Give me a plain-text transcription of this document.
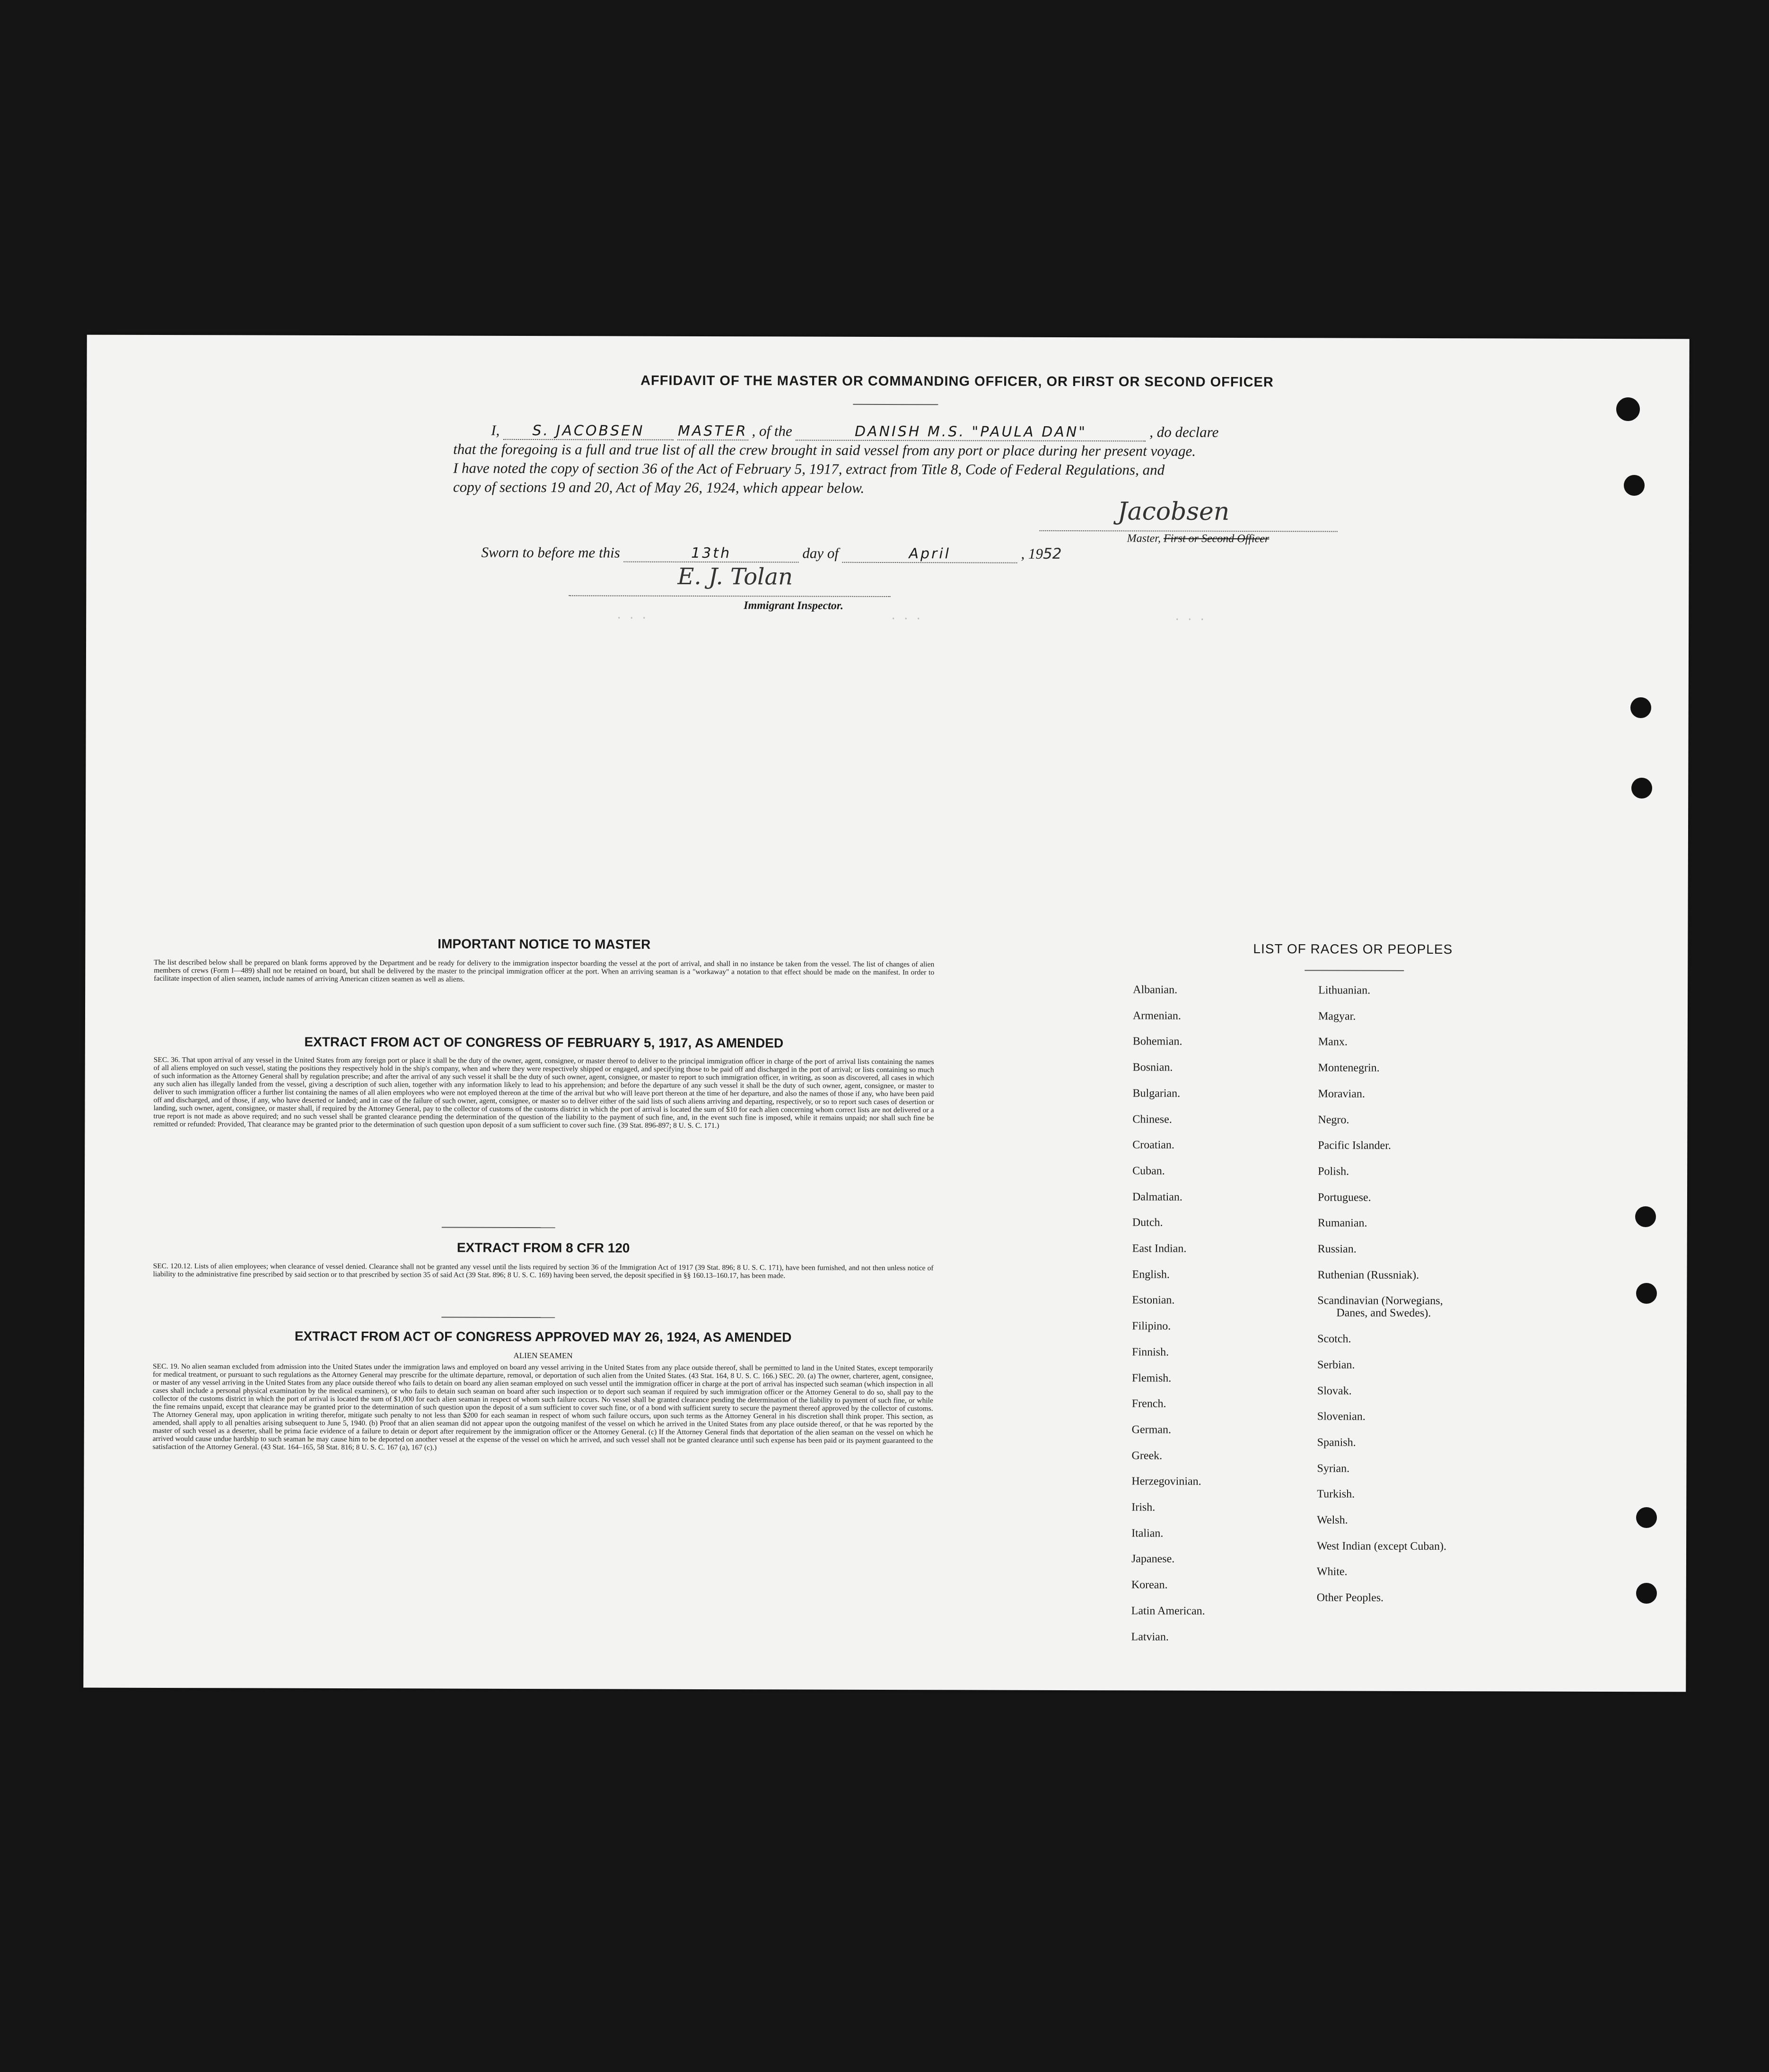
AFFIDAVIT OF THE MASTER OR COMMANDING OFFICER, OR FIRST OR SECOND OFFICER
I, S. JACOBSEN MASTER , of the	DANISH M.S. "PAULA DAN"	, do declare
that the foregoing is a full and true list of all the crew brought in said vessel from any port or place during her present voyage.
I have noted the copy of section 36 of the Act of February 5, 1917, extract from Title 8, Code of Federal Regulations, and
copy of sections 19 and 20, Act of May 26, 1924, which appear below.
Jacobsen
Master, First or Second Officer
Sworn to before me this	13th	day of	April	, 1952
E. J. Tolan
Immigrant Inspector.
IMPORTANT NOTICE TO MASTER
The list described below shall be prepared on blank forms approved by the Department and be ready for delivery to the immigration inspector boarding the vessel at the port of arrival, and shall in no instance be taken from the vessel. The list of changes of alien members of crews (Form I—489) shall not be retained on board, but shall be delivered by the master to the principal immigration officer at the port. When an arriving seaman is a "workaway" a notation to that effect should be made on the manifest. In order to facilitate inspection of alien seamen, include names of arriving American citizen seamen as well as aliens.
EXTRACT FROM ACT OF CONGRESS OF FEBRUARY 5, 1917, AS AMENDED
SEC. 36. That upon arrival of any vessel in the United States from any foreign port or place it shall be the duty of the owner, agent, consignee, or master thereof to deliver to the principal immigration officer in charge of the port of arrival lists containing the names of all aliens employed on such vessel, stating the positions they respectively hold in the ship's company, when and where they were respectively shipped or engaged, and specifying those to be paid off and discharged in the port of arrival; or lists containing so much of such information as the Attorney General shall by regulation prescribe; and after the arrival of any such vessel it shall be the duty of such owner, agent, consignee, or master to report to such immigration officer, in writing, as soon as discovered, all cases in which any such alien has illegally landed from the vessel, giving a description of such alien, together with any information likely to lead to his apprehension; and before the departure of any such vessel it shall be the duty of such owner, agent, consignee, or master to deliver to such immigration officer a further list containing the names of all alien employees who were not employed thereon at the time of the arrival but who will leave port thereon at the time of her departure, and also the names of those if any, who have been paid off and discharged, and of those, if any, who have deserted or landed; and in case of the failure of such owner, agent, consignee, or master so to deliver either of the said lists of such aliens arriving and departing, respectively, or so to report such cases of desertion or landing, such owner, agent, consignee, or master shall, if required by the Attorney General, pay to the collector of customs of the customs district in which the port of arrival is located the sum of $10 for each alien concerning whom correct lists are not delivered or a true report is not made as above required; and no such vessel shall be granted clearance pending the determination of the question of the liability to the payment of such fine, and, in the event such fine is imposed, while it remains unpaid; nor shall such fine be remitted or refunded: Provided, That clearance may be granted prior to the determination of such question upon deposit of a sum sufficient to cover such fine. (39 Stat. 896-897; 8 U. S. C. 171.)
EXTRACT FROM 8 CFR 120
SEC. 120.12. Lists of alien employees; when clearance of vessel denied. Clearance shall not be granted any vessel until the lists required by section 36 of the Immigration Act of 1917 (39 Stat. 896; 8 U. S. C. 171), have been furnished, and not then unless notice of liability to the administrative fine prescribed by said section or to that prescribed by section 35 of said Act (39 Stat. 896; 8 U. S. C. 169) having been served, the deposit specified in §§ 160.13–160.17, has been made.
EXTRACT FROM ACT OF CONGRESS APPROVED MAY 26, 1924, AS AMENDED
ALIEN SEAMEN
SEC. 19. No alien seaman excluded from admission into the United States under the immigration laws and employed on board any vessel arriving in the United States from any place outside thereof, shall be permitted to land in the United States, except temporarily for medical treatment, or pursuant to such regulations as the Attorney General may prescribe for the ultimate departure, removal, or deportation of such alien from the United States. (43 Stat. 164, 8 U. S. C. 166.) SEC. 20. (a) The owner, charterer, agent, consignee, or master of any vessel arriving in the United States from any place outside thereof who fails to detain on board any alien seaman employed on such vessel until the immigration officer in charge at the port of arrival has inspected such seaman (which inspection in all cases shall include a personal physical examination by the medical examiners), or who fails to detain such seaman on board after such inspection or to deport such seaman if required by such immigration officer or the Attorney General to do so, shall pay to the collector of the customs district in which the port of arrival is located the sum of $1,000 for each alien seaman in respect of whom such failure occurs. No vessel shall be granted clearance pending the determination of the liability to payment of such fine, or while the fine remains unpaid, except that clearance may be granted prior to the determination of such question upon the deposit of a sum sufficient to cover such fine, or of a bond with sufficient surety to secure the payment thereof approved by the collector of customs. The Attorney General may, upon application in writing therefor, mitigate such penalty to not less than $200 for each seaman in respect of whom such failure occurs, upon such terms as the Attorney General in his discretion shall think proper. This section, as amended, shall apply to all penalties arising subsequent to June 5, 1940. (b) Proof that an alien seaman did not appear upon the outgoing manifest of the vessel on which he arrived in the United States from any place outside thereof, or that he was reported by the master of such vessel as a deserter, shall be prima facie evidence of a failure to detain or deport after requirement by the immigration officer or the Attorney General. (c) If the Attorney General finds that deportation of the alien seaman on the vessel on which he arrived would cause undue hardship to such seaman he may cause him to be deported on another vessel at the expense of the vessel on which he arrived, and such vessel shall not be granted clearance until such expense has been paid or its payment guaranteed to the satisfaction of the Attorney General. (43 Stat. 164–165, 58 Stat. 816; 8 U. S. C. 167 (a), 167 (c).)
LIST OF RACES OR PEOPLES
Albanian.
Armenian.
Bohemian.
Bosnian.
Bulgarian.
Chinese.
Croatian.
Cuban.
Dalmatian.
Dutch.
East Indian.
English.
Estonian.
Filipino.
Finnish.
Flemish.
French.
German.
Greek.
Herzegovinian.
Irish.
Italian.
Japanese.
Korean.
Latin American.
Latvian.
Lithuanian.
Magyar.
Manx.
Montenegrin.
Moravian.
Negro.
Pacific Islander.
Polish.
Portuguese.
Rumanian.
Russian.
Ruthenian (Russniak).
Scandinavian (Norwegians,
Danes, and Swedes).
Scotch.
Serbian.
Slovak.
Slovenian.
Spanish.
Syrian.
Turkish.
Welsh.
West Indian (except Cuban).
White.
Other Peoples.
· · ·	· · ·	· · ·
